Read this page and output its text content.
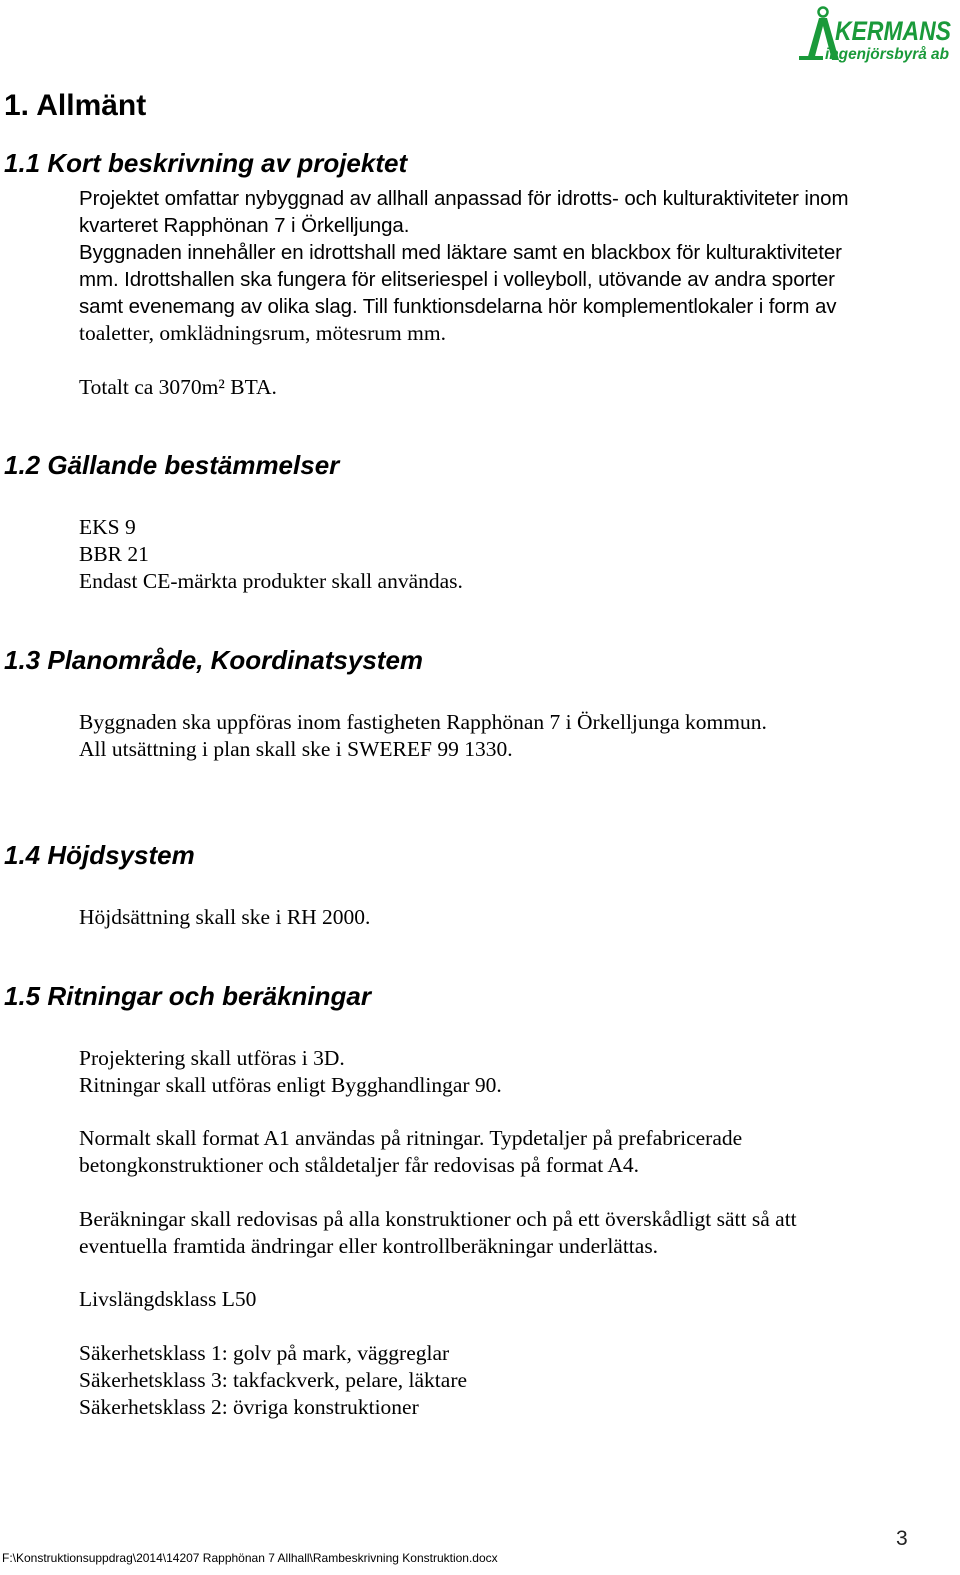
KERMANS
ingenjörsbyrå ab
1. Allmänt
1.1 Kort beskrivning av projektet
Projektet omfattar nybyggnad av allhall anpassad för idrotts- och kulturaktiviteter inom
kvarteret Rapphönan 7 i Örkelljunga.
Byggnaden innehåller en idrottshall med läktare samt en blackbox för kulturaktiviteter
mm. Idrottshallen ska fungera för elitseriespel i volleyboll, utövande av andra sporter
samt evenemang av olika slag. Till funktionsdelarna hör komplementlokaler i form av
toaletter, omklädningsrum, mötesrum mm.
Totalt ca 3070m² BTA.
1.2 Gällande bestämmelser
EKS 9
BBR 21
Endast CE-märkta produkter skall användas.
1.3 Planområde, Koordinatsystem
Byggnaden ska uppföras inom fastigheten Rapphönan 7 i Örkelljunga kommun.
All utsättning i plan skall ske i SWEREF 99 1330.
1.4 Höjdsystem
Höjdsättning skall ske i RH 2000.
1.5 Ritningar och beräkningar
Projektering skall utföras i 3D.
Ritningar skall utföras enligt Bygghandlingar 90.
Normalt skall format A1 användas på ritningar. Typdetaljer på prefabricerade
betongkonstruktioner och ståldetaljer får redovisas på format A4.
Beräkningar skall redovisas på alla konstruktioner och på ett överskådligt sätt så att
eventuella framtida ändringar eller kontrollberäkningar underlättas.
Livslängdsklass L50
Säkerhetsklass 1: golv på mark, väggreglar
Säkerhetsklass 3: takfackverk, pelare, läktare
Säkerhetsklass 2: övriga konstruktioner
3
F:\Konstruktionsuppdrag\2014\14207 Rapphönan 7 Allhall\Rambeskrivning Konstruktion.docx
